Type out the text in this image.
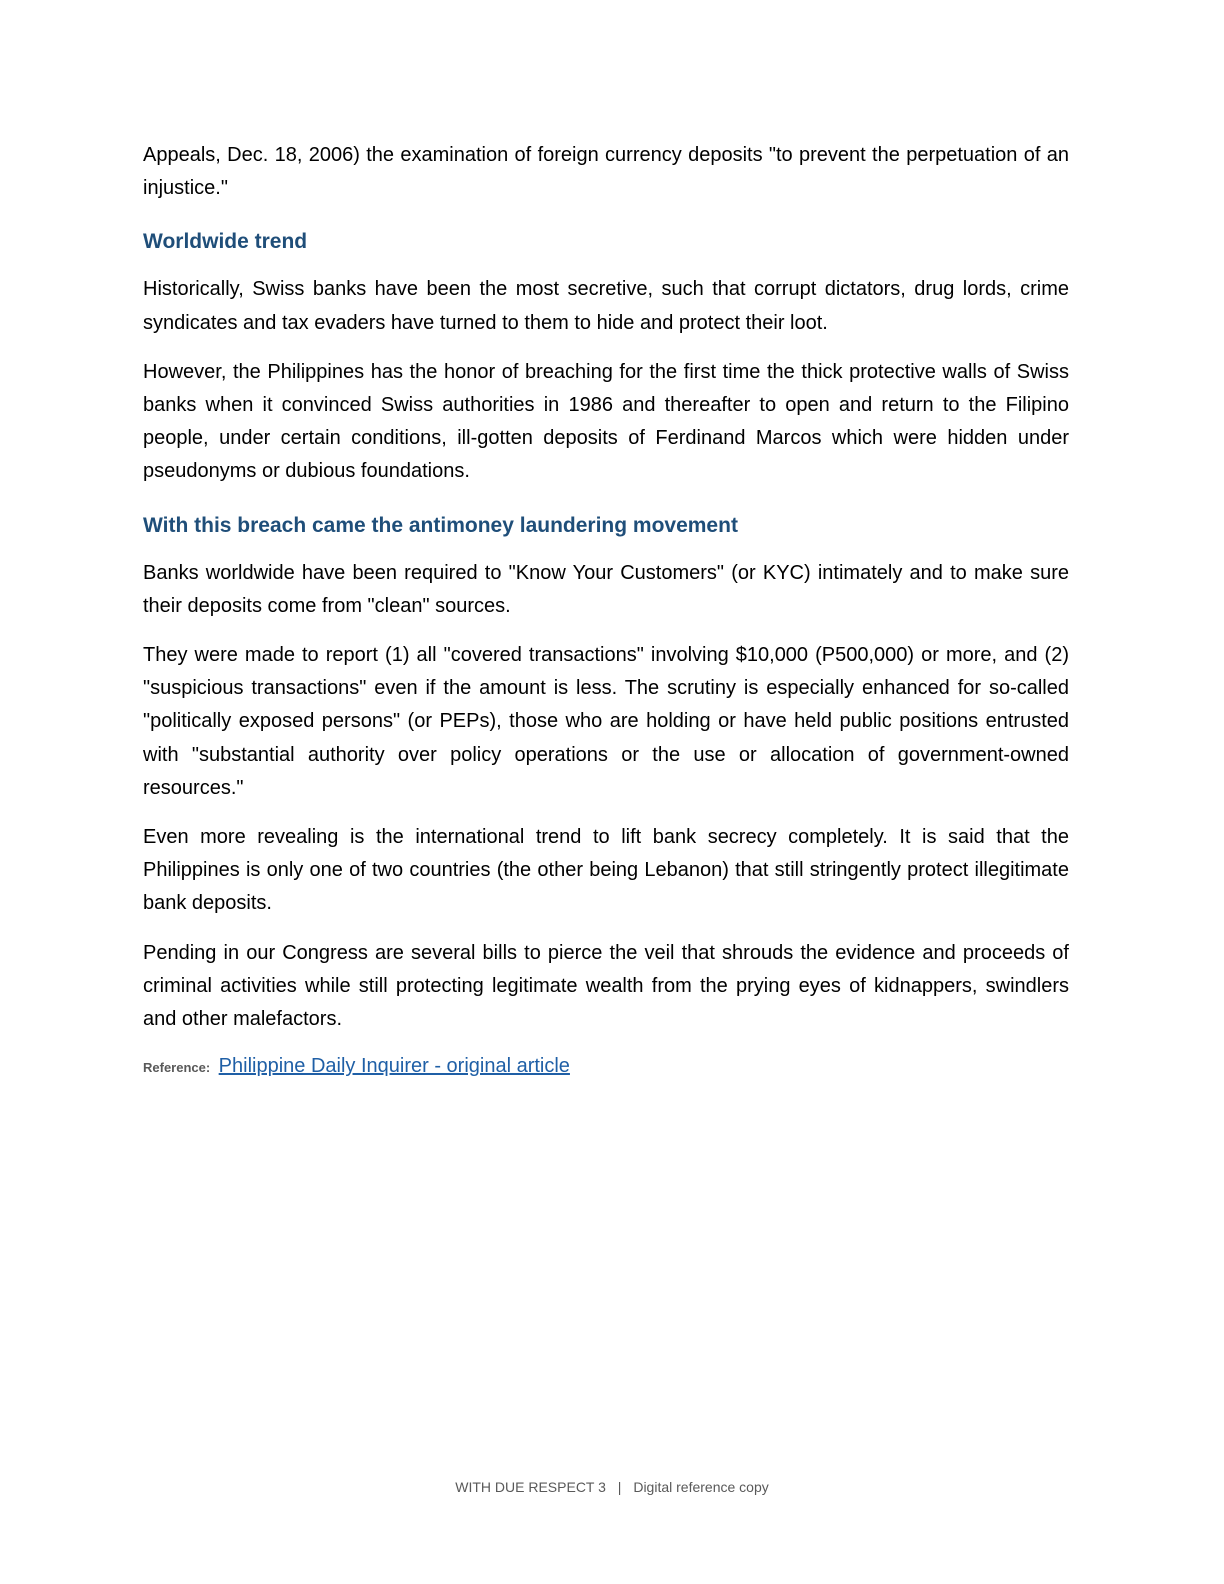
Appeals, Dec. 18, 2006) the examination of foreign currency deposits "to prevent the perpetuation of an injustice."

Worldwide trend

Historically, Swiss banks have been the most secretive, such that corrupt dictators, drug lords, crime syndicates and tax evaders have turned to them to hide and protect their loot.

However, the Philippines has the honor of breaching for the first time the thick protective walls of Swiss banks when it convinced Swiss authorities in 1986 and thereafter to open and return to the Filipino people, under certain conditions, ill-gotten deposits of Ferdinand Marcos which were hidden under pseudonyms or dubious foundations.

With this breach came the antimoney laundering movement

Banks worldwide have been required to "Know Your Customers" (or KYC) intimately and to make sure their deposits come from "clean" sources.

They were made to report (1) all "covered transactions" involving $10,000 (P500,000) or more, and (2) "suspicious transactions" even if the amount is less. The scrutiny is especially enhanced for so-called "politically exposed persons" (or PEPs), those who are holding or have held public positions entrusted with "substantial authority over policy operations or the use or allocation of government-owned resources."

Even more revealing is the international trend to lift bank secrecy completely. It is said that the Philippines is only one of two countries (the other being Lebanon) that still stringently protect illegitimate bank deposits.

Pending in our Congress are several bills to pierce the veil that shrouds the evidence and proceeds of criminal activities while still protecting legitimate wealth from the prying eyes of kidnappers, swindlers and other malefactors.

Reference: Philippine Daily Inquirer - original article
WITH DUE RESPECT 3 | Digital reference copy
